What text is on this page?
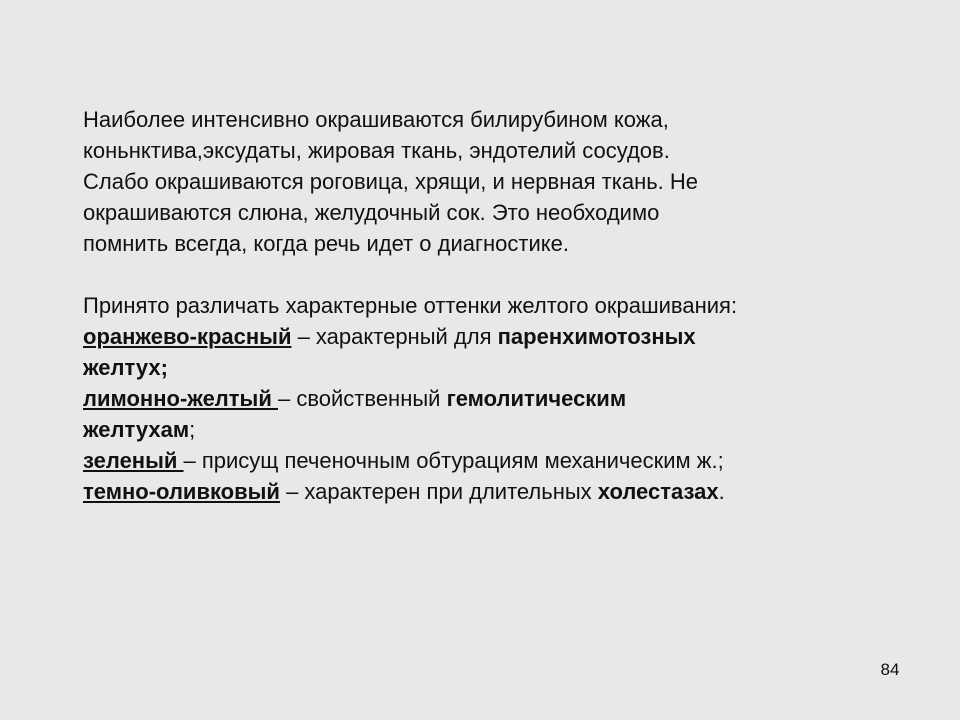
Наиболее интенсивно окрашиваются билирубином кожа,

коньнктива,эксудаты, жировая ткань, эндотелий сосудов.

Слабо окрашиваются роговица, хрящи, и нервная ткань. Не

окрашиваются слюна, желудочный сок. Это необходимо

помнить всегда, когда речь идет о диагностике.

Принято различать характерные оттенки желтого окрашивания:

оранжево-красный – характерный для паренхимотозных

желтух;

лимонно-желтый – свойственный гемолитическим

желтухам;

зеленый – присущ печеночным обтурациям механическим ж.;

темно-оливковый – характерен при длительных холестазах.

84
